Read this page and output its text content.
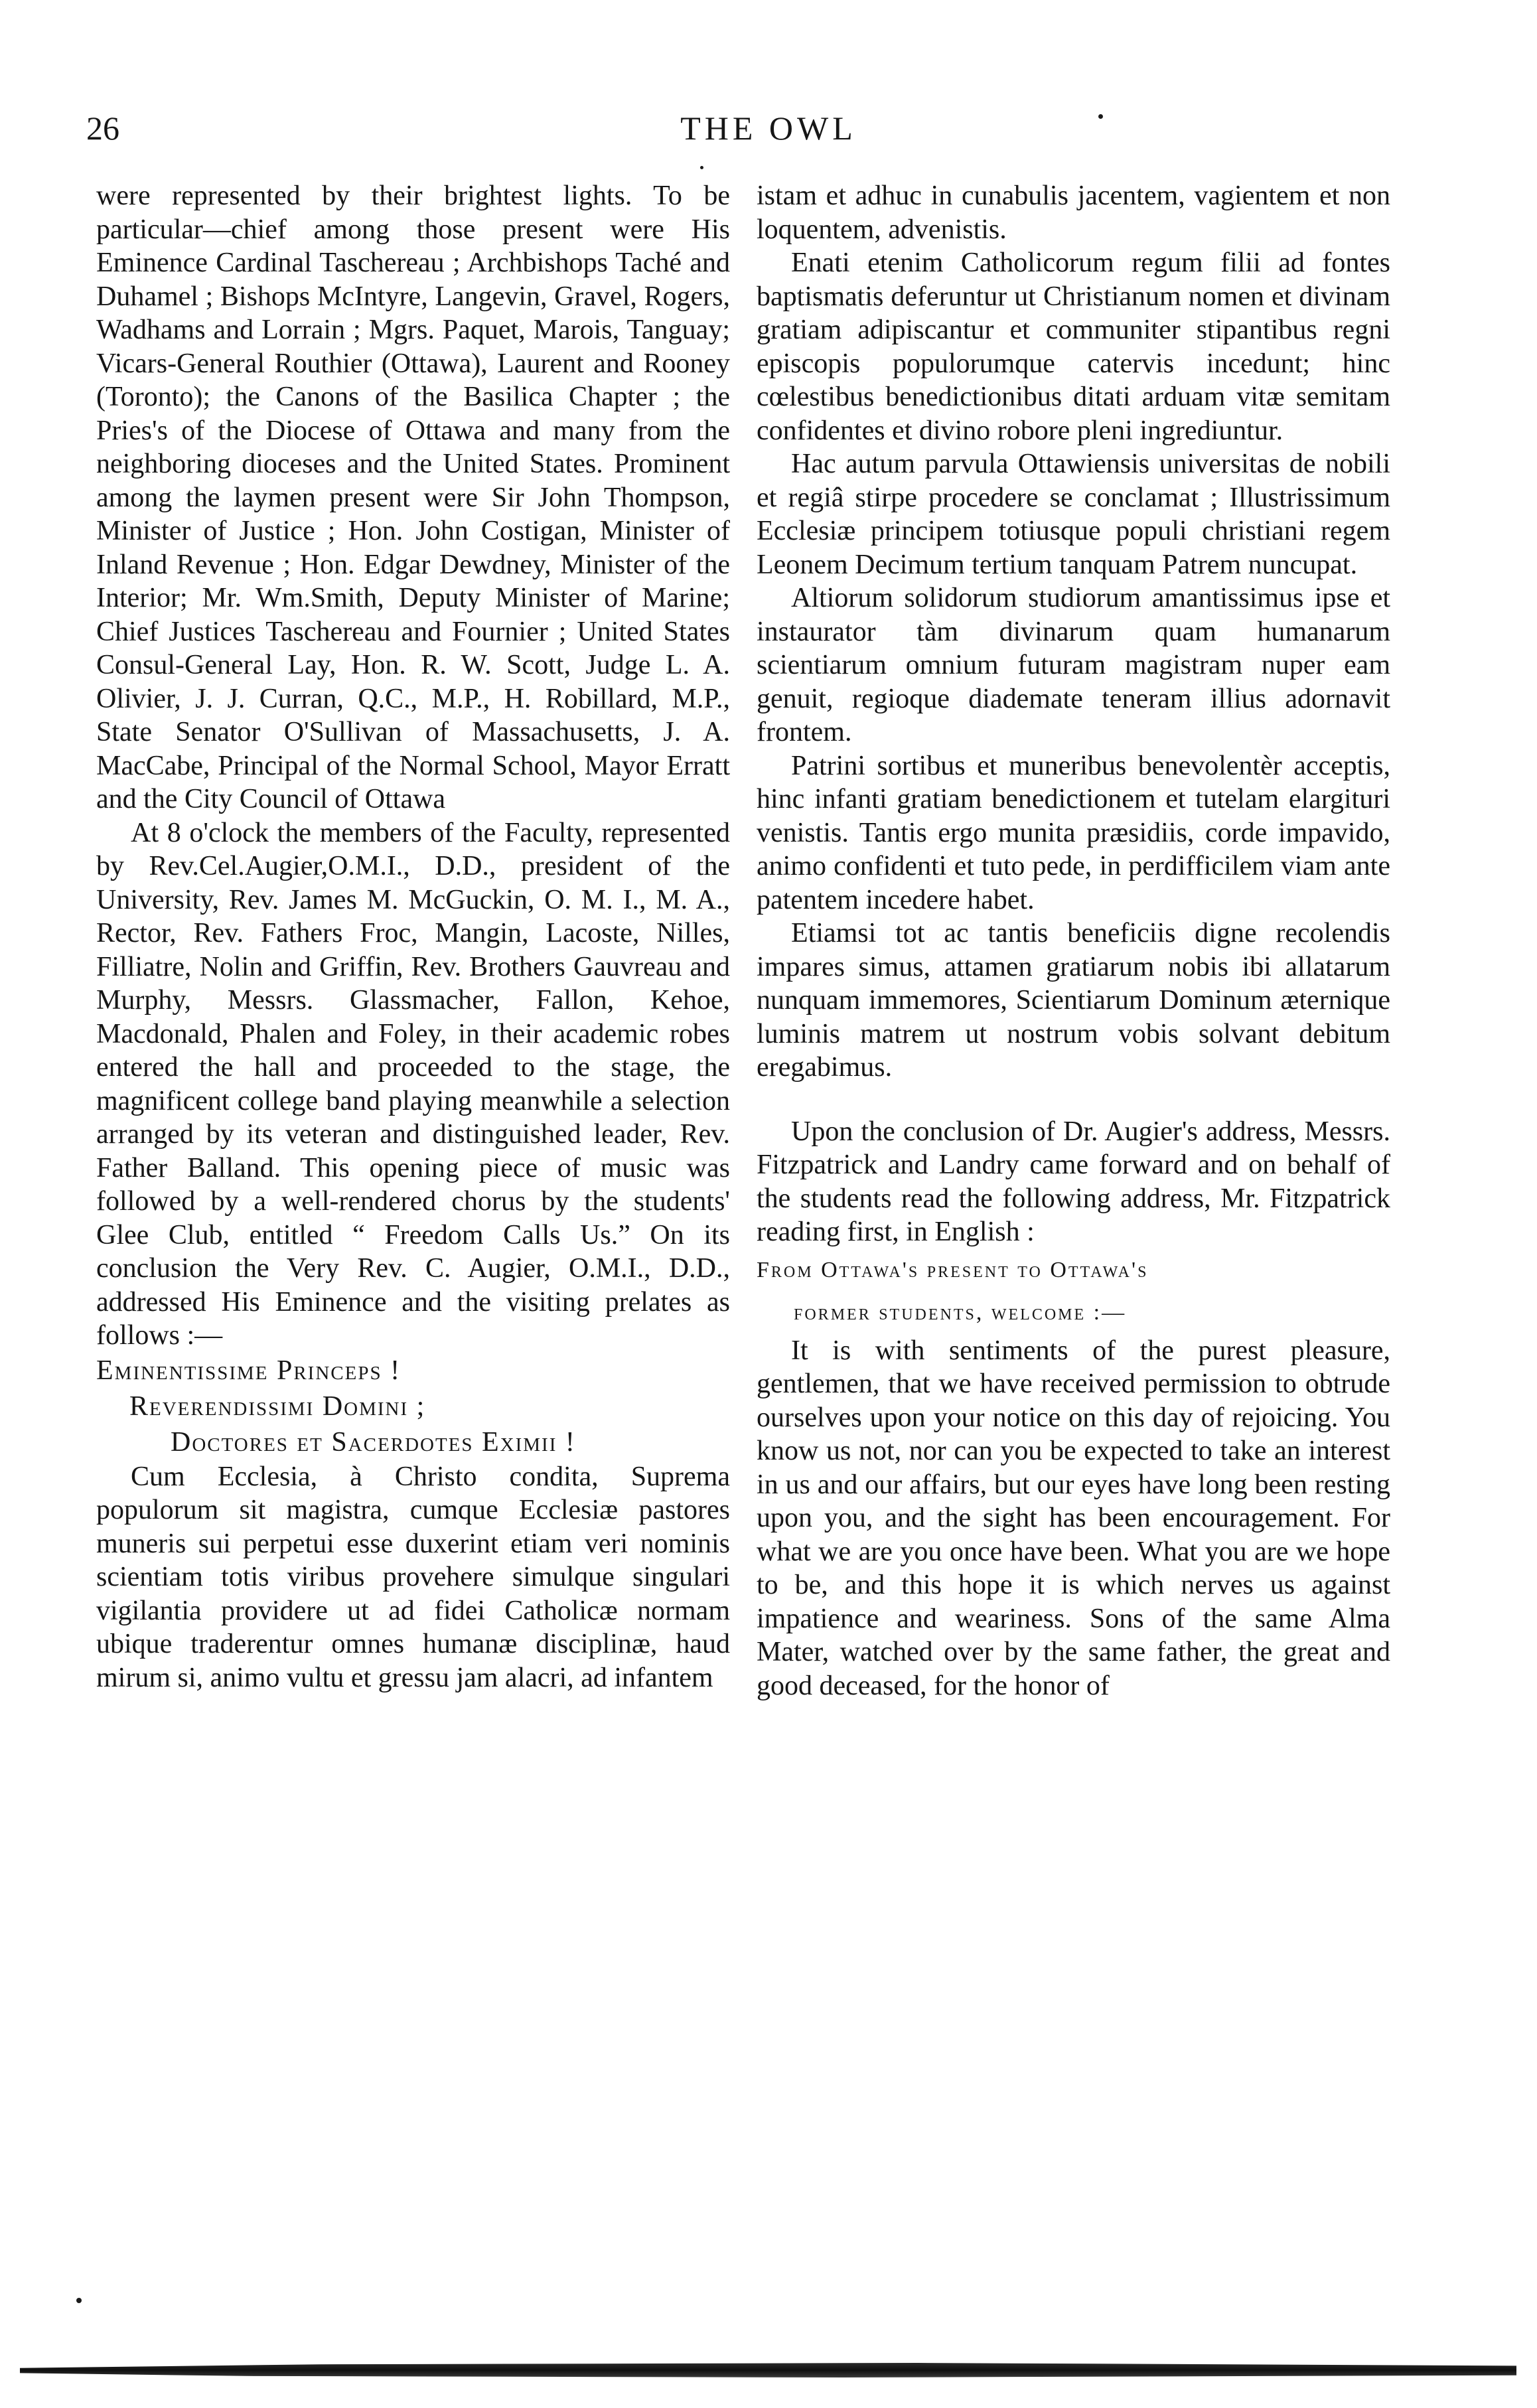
26	THE OWL

were represented by their brightest lights. To be particular—chief among those present were His Eminence Cardinal Taschereau ; Archbishops Taché and Duhamel ; Bishops McIntyre, Langevin, Gravel, Rogers, Wadhams and Lorrain ; Mgrs. Paquet, Marois, Tanguay; Vicars-General Routhier (Ottawa), Laurent and Rooney (Toronto); the Canons of the Basilica Chapter ; the Pries's of the Diocese of Ottawa and many from the neighboring dioceses and the United States. Prominent among the laymen present were Sir John Thompson, Minister of Justice ; Hon. John Costigan, Minister of Inland Revenue ; Hon. Edgar Dewdney, Minister of the Interior; Mr. Wm.Smith, Deputy Minister of Marine; Chief Justices Taschereau and Fournier ; United States Consul-General Lay, Hon. R. W. Scott, Judge L. A. Olivier, J. J. Curran, Q.C., M.P., H. Robillard, M.P., State Senator O'Sullivan of Massachusetts, J. A. MacCabe, Principal of the Normal School, Mayor Erratt and the City Council of Ottawa

At 8 o'clock the members of the Faculty, represented by Rev.Cel.Augier,O.M.I., D.D., president of the University, Rev. James M. McGuckin, O. M. I., M. A., Rector, Rev. Fathers Froc, Mangin, Lacoste, Nilles, Filliatre, Nolin and Griffin, Rev. Brothers Gauvreau and Murphy, Messrs. Glassmacher, Fallon, Kehoe, Macdonald, Phalen and Foley, in their academic robes entered the hall and proceeded to the stage, the magnificent college band playing meanwhile a selection arranged by its veteran and distinguished leader, Rev. Father Balland. This opening piece of music was followed by a well-rendered chorus by the students' Glee Club, entitled “ Freedom Calls Us.” On its conclusion the Very Rev. C. Augier, O.M.I., D.D., addressed His Eminence and the visiting prelates as follows :—

Eminentissime Princeps !

Reverendissimi Domini ;

Doctores et Sacerdotes Eximii !

Cum Ecclesia, à Christo condita, Suprema populorum sit magistra, cumque Ecclesiæ pastores muneris sui perpetui esse duxerint etiam veri nominis scientiam totis viribus provehere simulque singulari vigilantia providere ut ad fidei Catholicæ normam ubique traderentur omnes humanæ disciplinæ, haud mirum si, animo vultu et gressu jam alacri, ad infantem

istam et adhuc in cunabulis jacentem, vagientem et non loquentem, advenistis.

Enati etenim Catholicorum regum filii ad fontes baptismatis deferuntur ut Christianum nomen et divinam gratiam adipiscantur et communiter stipantibus regni episcopis populorumque catervis incedunt; hinc cœlestibus benedictionibus ditati arduam vitæ semitam confidentes et divino robore pleni ingrediuntur.

Hac autum parvula Ottawiensis universitas de nobili et regiâ stirpe procedere se conclamat ; Illustrissimum Ecclesiæ principem totiusque populi christiani regem Leonem Decimum tertium tanquam Patrem nuncupat.

Altiorum solidorum studiorum amantissimus ipse et instaurator tàm divinarum quam humanarum scientiarum omnium futuram magistram nuper eam genuit, regioque diademate teneram illius adornavit frontem.

Patrini sortibus et muneribus benevolentèr acceptis, hinc infanti gratiam benedictionem et tutelam elargituri venistis. Tantis ergo munita præsidiis, corde impavido, animo confidenti et tuto pede, in perdifficilem viam ante patentem incedere habet.

Etiamsi tot ac tantis beneficiis digne recolendis impares simus, attamen gratiarum nobis ibi allatarum nunquam immemores, Scientiarum Dominum æternique luminis matrem ut nostrum vobis solvant debitum eregabimus.

Upon the conclusion of Dr. Augier's address, Messrs. Fitzpatrick and Landry came forward and on behalf of the students read the following address, Mr. Fitzpatrick reading first, in English :

From Ottawa's present to Ottawa's
former students, welcome :—

It is with sentiments of the purest pleasure, gentlemen, that we have received permission to obtrude ourselves upon your notice on this day of rejoicing. You know us not, nor can you be expected to take an interest in us and our affairs, but our eyes have long been resting upon you, and the sight has been encouragement. For what we are you once have been. What you are we hope to be, and this hope it is which nerves us against impatience and weariness. Sons of the same Alma Mater, watched over by the same father, the great and good deceased, for the honor of
